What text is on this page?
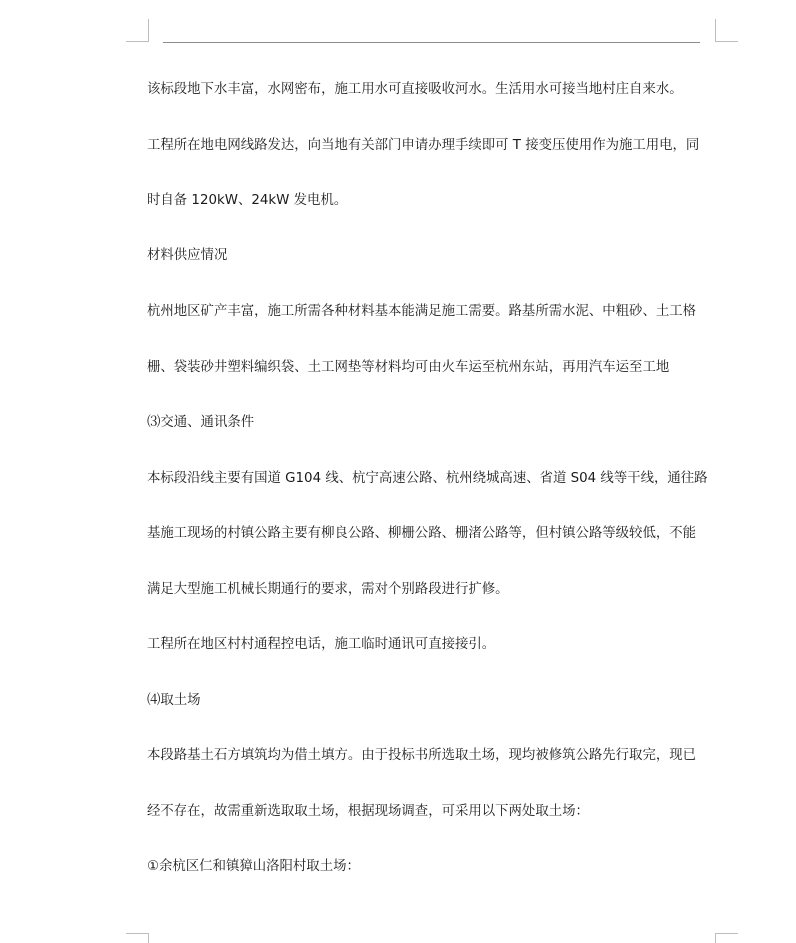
该标段地下水丰富，水网密布，施工用水可直接吸收河水。生活用水可接当地村庄自来水。
工程所在地电网线路发达，向当地有关部门申请办理手续即可 T 接变压使用作为施工用电，同
时自备 120kW、24kW 发电机。
材料供应情况
杭州地区矿产丰富，施工所需各种材料基本能满足施工需要。路基所需水泥、中粗砂、土工格
栅、袋装砂井塑料编织袋、土工网垫等材料均可由火车运至杭州东站，再用汽车运至工地
⑶交通、通讯条件
本标段沿线主要有国道 G104 线、杭宁高速公路、杭州绕城高速、省道 S04 线等干线，通往路
基施工现场的村镇公路主要有柳良公路、柳栅公路、栅渚公路等，但村镇公路等级较低，不能
满足大型施工机械长期通行的要求，需对个别路段进行扩修。
工程所在地区村村通程控电话，施工临时通讯可直接接引。
⑷取土场
本段路基土石方填筑均为借土填方。由于投标书所选取土场，现均被修筑公路先行取完，现已
经不存在，故需重新选取取土场，根据现场调查，可采用以下两处取土场：
①余杭区仁和镇獐山洛阳村取土场：
